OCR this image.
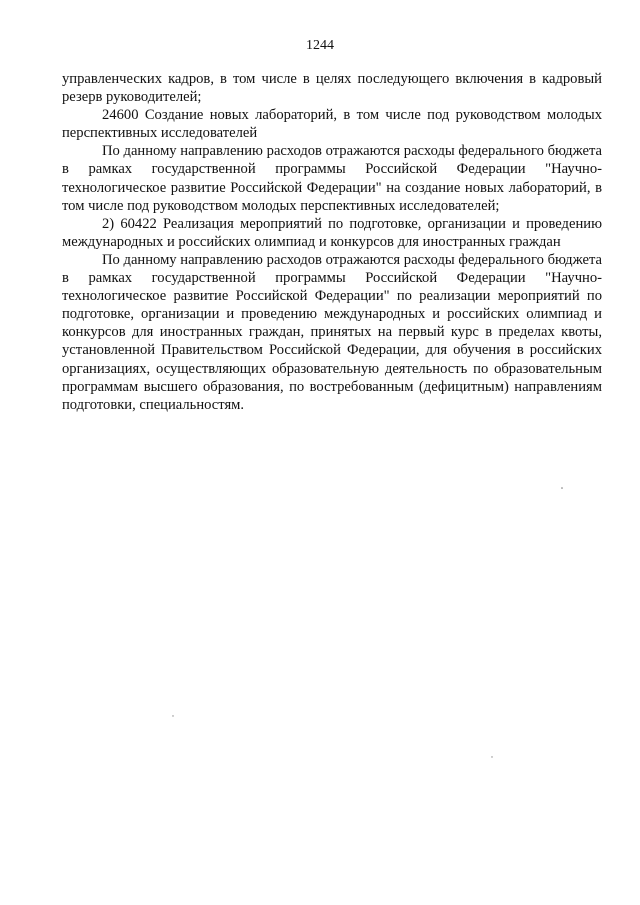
1244

управленческих кадров, в том числе в целях последующего включения в кадровый резерв руководителей;

24600 Создание новых лабораторий, в том числе под руководством молодых перспективных исследователей

По данному направлению расходов отражаются расходы федерального бюджета в рамках государственной программы Российской Федерации "Научно-технологическое развитие Российской Федерации" на создание новых лабораторий, в том числе под руководством молодых перспективных исследователей;

2) 60422 Реализация мероприятий по подготовке, организации и проведению международных и российских олимпиад и конкурсов для иностранных граждан

По данному направлению расходов отражаются расходы федерального бюджета в рамках государственной программы Российской Федерации "Научно-технологическое развитие Российской Федерации" по реализации мероприятий по подготовке, организации и проведению международных и российских олимпиад и конкурсов для иностранных граждан, принятых на первый курс в пределах квоты, установленной Правительством Российской Федерации, для обучения в российских организациях, осуществляющих образовательную деятельность по образовательным программам высшего образования, по востребованным (дефицитным) направлениям подготовки, специальностям.
